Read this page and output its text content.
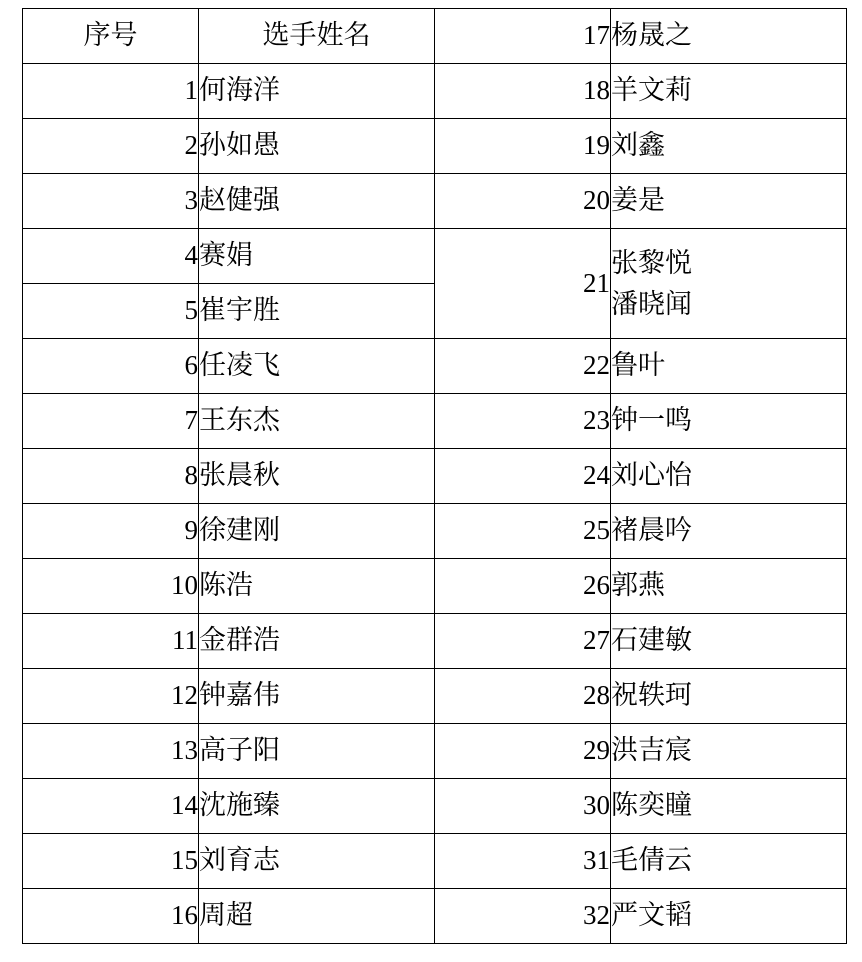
序号	选手姓名	17	杨晟之
1	何海洋	18	羊文莉
2	孙如愚	19	刘鑫
3	赵健强	20	姜是
4	赛娟	21	张黎悦
潘晓闻

5	崔宇胜		
6	任凌飞	22	鲁叶
7	王东杰	23	钟一鸣
8	张晨秋	24	刘心怡
9	徐建刚	25	褚晨吟
10	陈浩	26	郭燕
11	金群浩	27	石建敏
12	钟嘉伟	28	祝轶珂
13	高子阳	29	洪吉宸
14	沈施臻	30	陈奕瞳
15	刘育志	31	毛倩云
16	周超	32	严文韬
